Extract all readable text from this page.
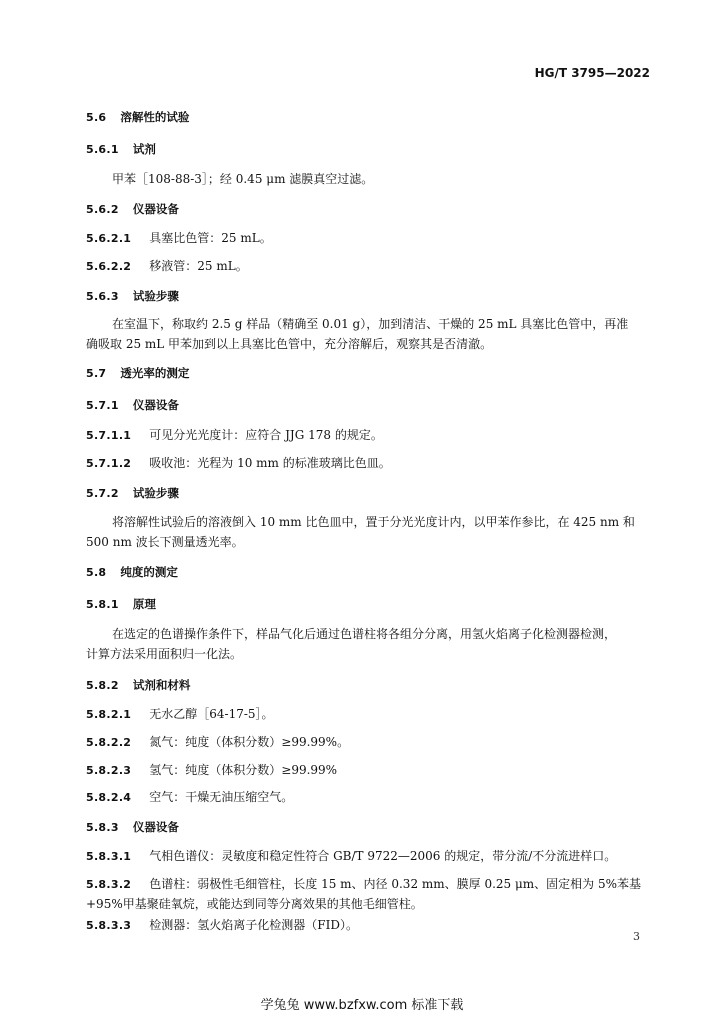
HG/T 3795—2022
5.6 溶解性的试验
5.6.1 试剂
甲苯［108-88-3］；经 0.45 μm 滤膜真空过滤。
5.6.2 仪器设备
5.6.2.1 具塞比色管：25 mL。
5.6.2.2 移液管：25 mL。
5.6.3 试验步骤
在室温下，称取约 2.5 g 样品（精确至 0.01 g），加到清洁、干燥的 25 mL 具塞比色管中，再准
确吸取 25 mL 甲苯加到以上具塞比色管中，充分溶解后，观察其是否清澈。
5.7 透光率的测定
5.7.1 仪器设备
5.7.1.1 可见分光光度计：应符合 JJG 178 的规定。
5.7.1.2 吸收池：光程为 10 mm 的标准玻璃比色皿。
5.7.2 试验步骤
将溶解性试验后的溶液倒入 10 mm 比色皿中，置于分光光度计内，以甲苯作参比，在 425 nm 和
500 nm 波长下测量透光率。
5.8 纯度的测定
5.8.1 原理
在选定的色谱操作条件下，样品气化后通过色谱柱将各组分分离，用氢火焰离子化检测器检测，
计算方法采用面积归一化法。
5.8.2 试剂和材料
5.8.2.1 无水乙醇［64-17-5］。
5.8.2.2 氮气：纯度（体积分数）≥99.99%。
5.8.2.3 氢气：纯度（体积分数）≥99.99%
5.8.2.4 空气：干燥无油压缩空气。
5.8.3 仪器设备
5.8.3.1 气相色谱仪：灵敏度和稳定性符合 GB/T 9722—2006 的规定，带分流/不分流进样口。
5.8.3.2 色谱柱：弱极性毛细管柱，长度 15 m、内径 0.32 mm、膜厚 0.25 μm、固定相为 5%苯基
+95%甲基聚硅氧烷，或能达到同等分离效果的其他毛细管柱。
5.8.3.3 检测器：氢火焰离子化检测器（FID）。
3
学兔兔 www.bzfxw.com 标准下载
